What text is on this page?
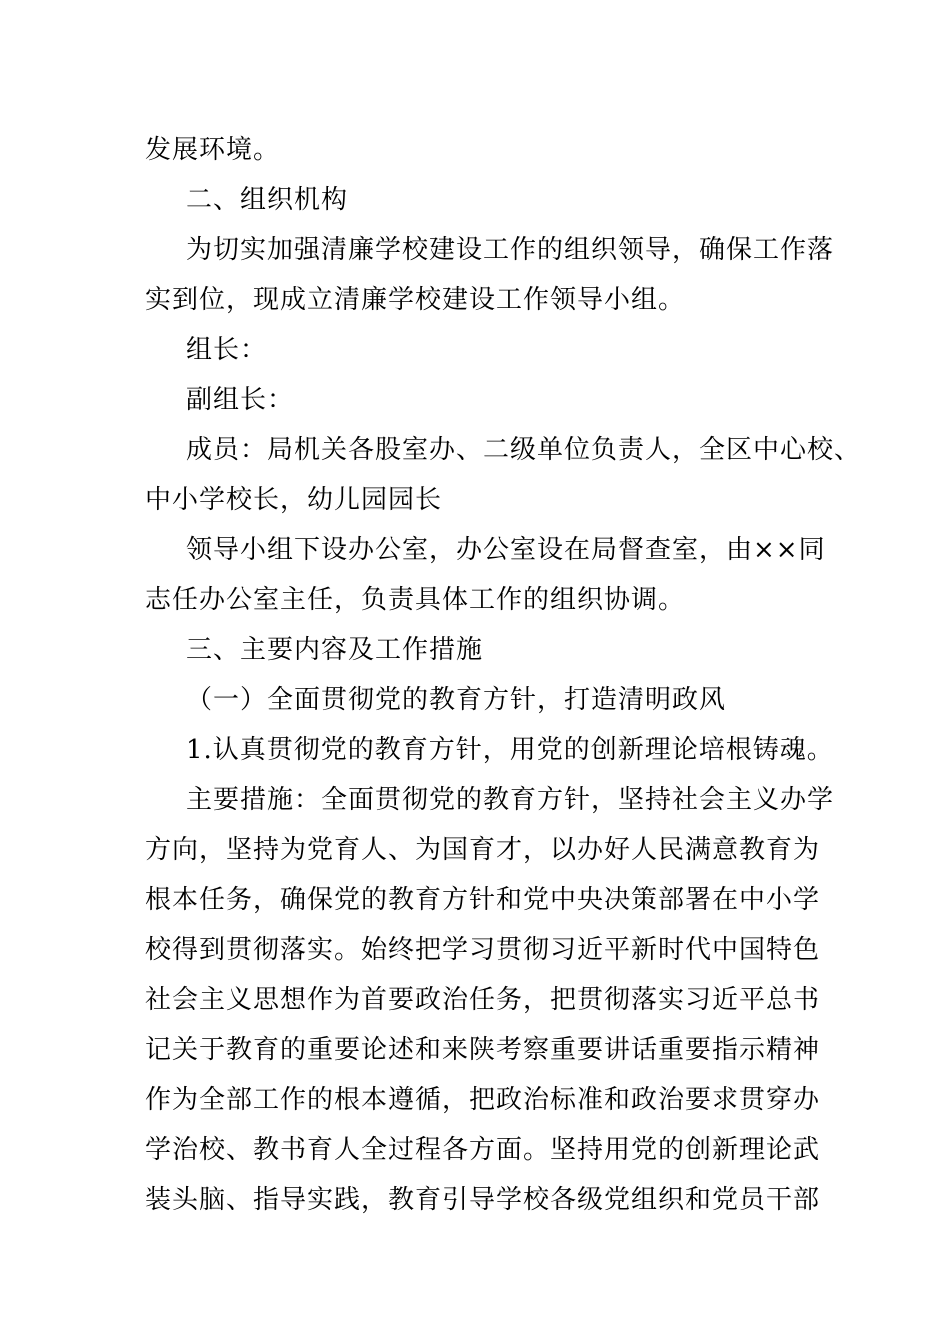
发展环境。
二、组织机构
为切实加强清廉学校建设工作的组织领导，确保工作落
实到位，现成立清廉学校建设工作领导小组。
组长：
副组长：
成员：局机关各股室办、二级单位负责人，全区中心校、
中小学校长，幼儿园园长
领导小组下设办公室，办公室设在局督查室，由××同
志任办公室主任，负责具体工作的组织协调。
三、主要内容及工作措施
（一）全面贯彻党的教育方针，打造清明政风
1.认真贯彻党的教育方针，用党的创新理论培根铸魂。
主要措施：全面贯彻党的教育方针，坚持社会主义办学
方向，坚持为党育人、为国育才，以办好人民满意教育为
根本任务，确保党的教育方针和党中央决策部署在中小学
校得到贯彻落实。始终把学习贯彻习近平新时代中国特色
社会主义思想作为首要政治任务，把贯彻落实习近平总书
记关于教育的重要论述和来陕考察重要讲话重要指示精神
作为全部工作的根本遵循，把政治标准和政治要求贯穿办
学治校、教书育人全过程各方面。坚持用党的创新理论武
装头脑、指导实践，教育引导学校各级党组织和党员干部
